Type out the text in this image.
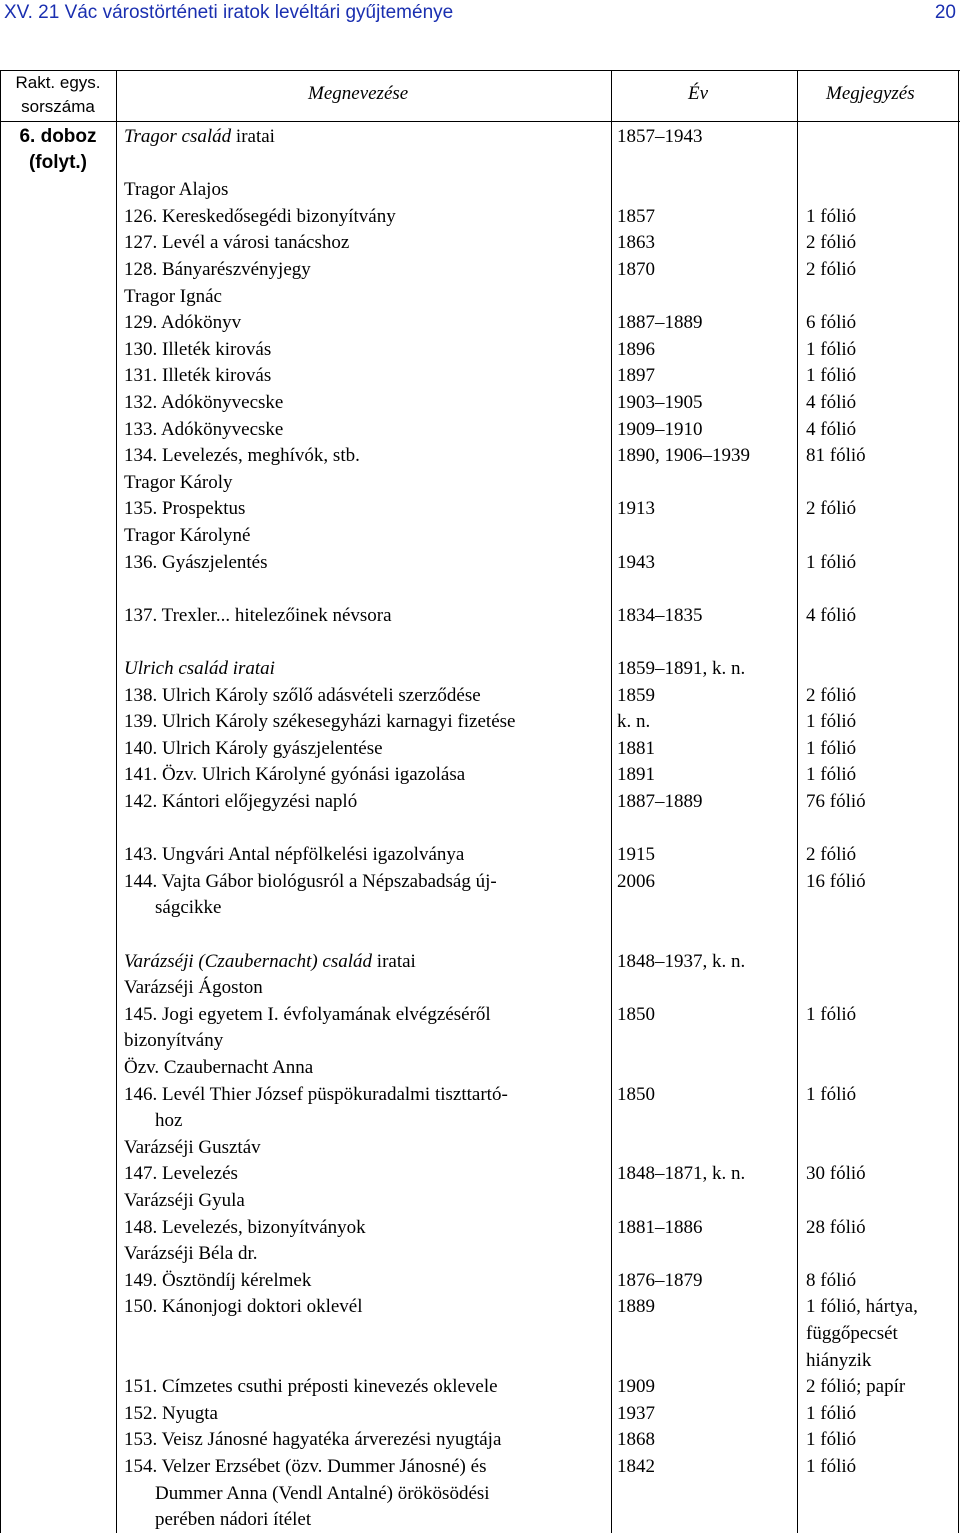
XV. 21 Vác várostörténeti iratok levéltári gyűjteménye	20
Rakt. egys.
sorszáma
Megnevezése	Év	Megjegyzés
6. doboz
(folyt.)
Tragor család iratai	1857–1943
Tragor Alajos
126. Kereskedősegédi bizonyítvány	1857	1 fólió
127. Levél a városi tanácshoz	1863	2 fólió
128. Bányarészvényjegy	1870	2 fólió
Tragor Ignác
129. Adókönyv	1887–1889	6 fólió
130. Illeték kirovás	1896	1 fólió
131. Illeték kirovás	1897	1 fólió
132. Adókönyvecske	1903–1905	4 fólió
133. Adókönyvecske	1909–1910	4 fólió
134. Levelezés, meghívók, stb.	1890, 1906–1939	81 fólió
Tragor Károly
135. Prospektus	1913	2 fólió
Tragor Károlyné
136. Gyászjelentés	1943	1 fólió
137. Trexler... hitelezőinek névsora	1834–1835	4 fólió
Ulrich család iratai	1859–1891, k. n.
138. Ulrich Károly szőlő adásvételi szerződése	1859	2 fólió
139. Ulrich Károly székesegyházi karnagyi fizetése	k. n.	1 fólió
140. Ulrich Károly gyászjelentése	1881	1 fólió
141. Özv. Ulrich Károlyné gyónási igazolása	1891	1 fólió
142. Kántori előjegyzési napló	1887–1889	76 fólió
143. Ungvári Antal népfölkelési igazolványa	1915	2 fólió
144. Vajta Gábor biológusról a Népszabadság új-	2006	16 fólió
ságcikke
Varázséji (Czaubernacht) család iratai	1848–1937, k. n.
Varázséji Ágoston
145. Jogi egyetem I. évfolyamának elvégzéséről	1850	1 fólió
bizonyítvány
Özv. Czaubernacht Anna
146. Levél Thier József püspökuradalmi tiszttartó-	1850	1 fólió
hoz
Varázséji Gusztáv
147. Levelezés	1848–1871, k. n.	30 fólió
Varázséji Gyula
148. Levelezés, bizonyítványok	1881–1886	28 fólió
Varázséji Béla dr.
149. Ösztöndíj kérelmek	1876–1879	8 fólió
150. Kánonjogi doktori oklevél	1889	1 fólió, hártya,
függőpecsét
hiányzik
151. Címzetes csuthi préposti kinevezés oklevele	1909	2 fólió; papír
152. Nyugta	1937	1 fólió
153. Veisz Jánosné hagyatéka árverezési nyugtája	1868	1 fólió
154. Velzer Erzsébet (özv. Dummer Jánosné) és	1842	1 fólió
Dummer Anna (Vendl Antalné) örökösödési
perében nádori ítélet
